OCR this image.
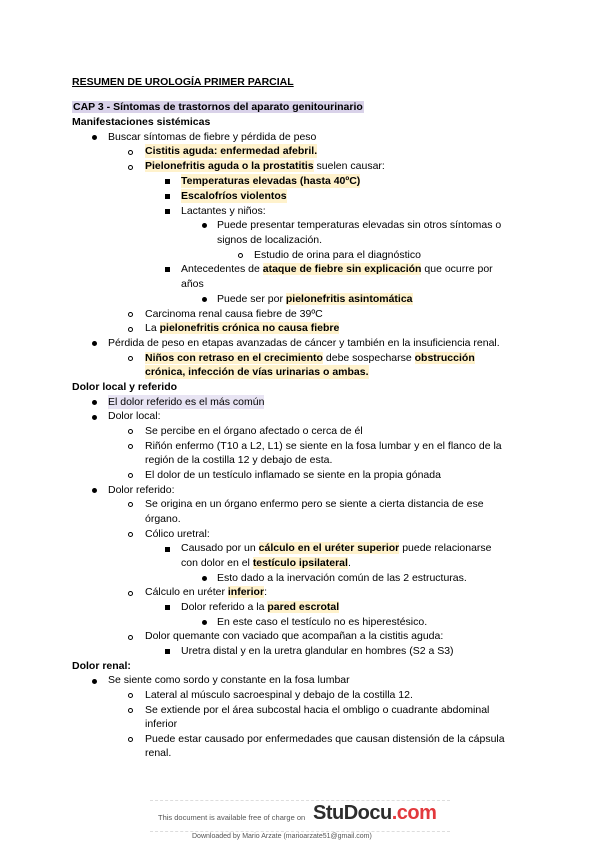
RESUMEN DE UROLOGÍA PRIMER PARCIAL
CAP 3 - Síntomas de trastornos del aparato genitourinario
Manifestaciones sistémicas
Buscar síntomas de fiebre y pérdida de peso
Cistitis aguda: enfermedad afebril.
Pielonefritis aguda o la prostatitis suelen causar:
Temperaturas elevadas (hasta 40ºC)
Escalofríos violentos
Lactantes y niños:
Puede presentar temperaturas elevadas sin otros síntomas o
signos de localización.
Estudio de orina para el diagnóstico
Antecedentes de ataque de fiebre sin explicación que ocurre por
años
Puede ser por pielonefritis asintomática
Carcinoma renal causa fiebre de 39ºC
La pielonefritis crónica no causa fiebre
Pérdida de peso en etapas avanzadas de cáncer y también en la insuficiencia renal.
Niños con retraso en el crecimiento debe sospecharse obstrucción
crónica, infección de vías urinarias o ambas.
Dolor local y referido
El dolor referido es el más común
Dolor local:
Se percibe en el órgano afectado o cerca de él
Riñón enfermo (T10 a L2, L1) se siente en la fosa lumbar y en el flanco de la
región de la costilla 12 y debajo de esta.
El dolor de un testículo inflamado se siente en la propia gónada
Dolor referido:
Se origina en un órgano enfermo pero se siente a cierta distancia de ese
órgano.
Cólico uretral:
Causado por un cálculo en el uréter superior puede relacionarse
con dolor en el testículo ipsilateral.
Esto dado a la inervación común de las 2 estructuras.
Cálculo en uréter inferior:
Dolor referido a la pared escrotal
En este caso el testículo no es hiperestésico.
Dolor quemante con vaciado que acompañan a la cistitis aguda:
Uretra distal y en la uretra glandular en hombres (S2 a S3)
Dolor renal:
Se siente como sordo y constante en la fosa lumbar
Lateral al músculo sacroespinal y debajo de la costilla 12.
Se extiende por el área subcostal hacia el ombligo o cuadrante abdominal
inferior
Puede estar causado por enfermedades que causan distensión de la cápsula
renal.
This document is available free of charge on StuDocu.com
Downloaded by Mario Arzate (marioarzate51@gmail.com)
